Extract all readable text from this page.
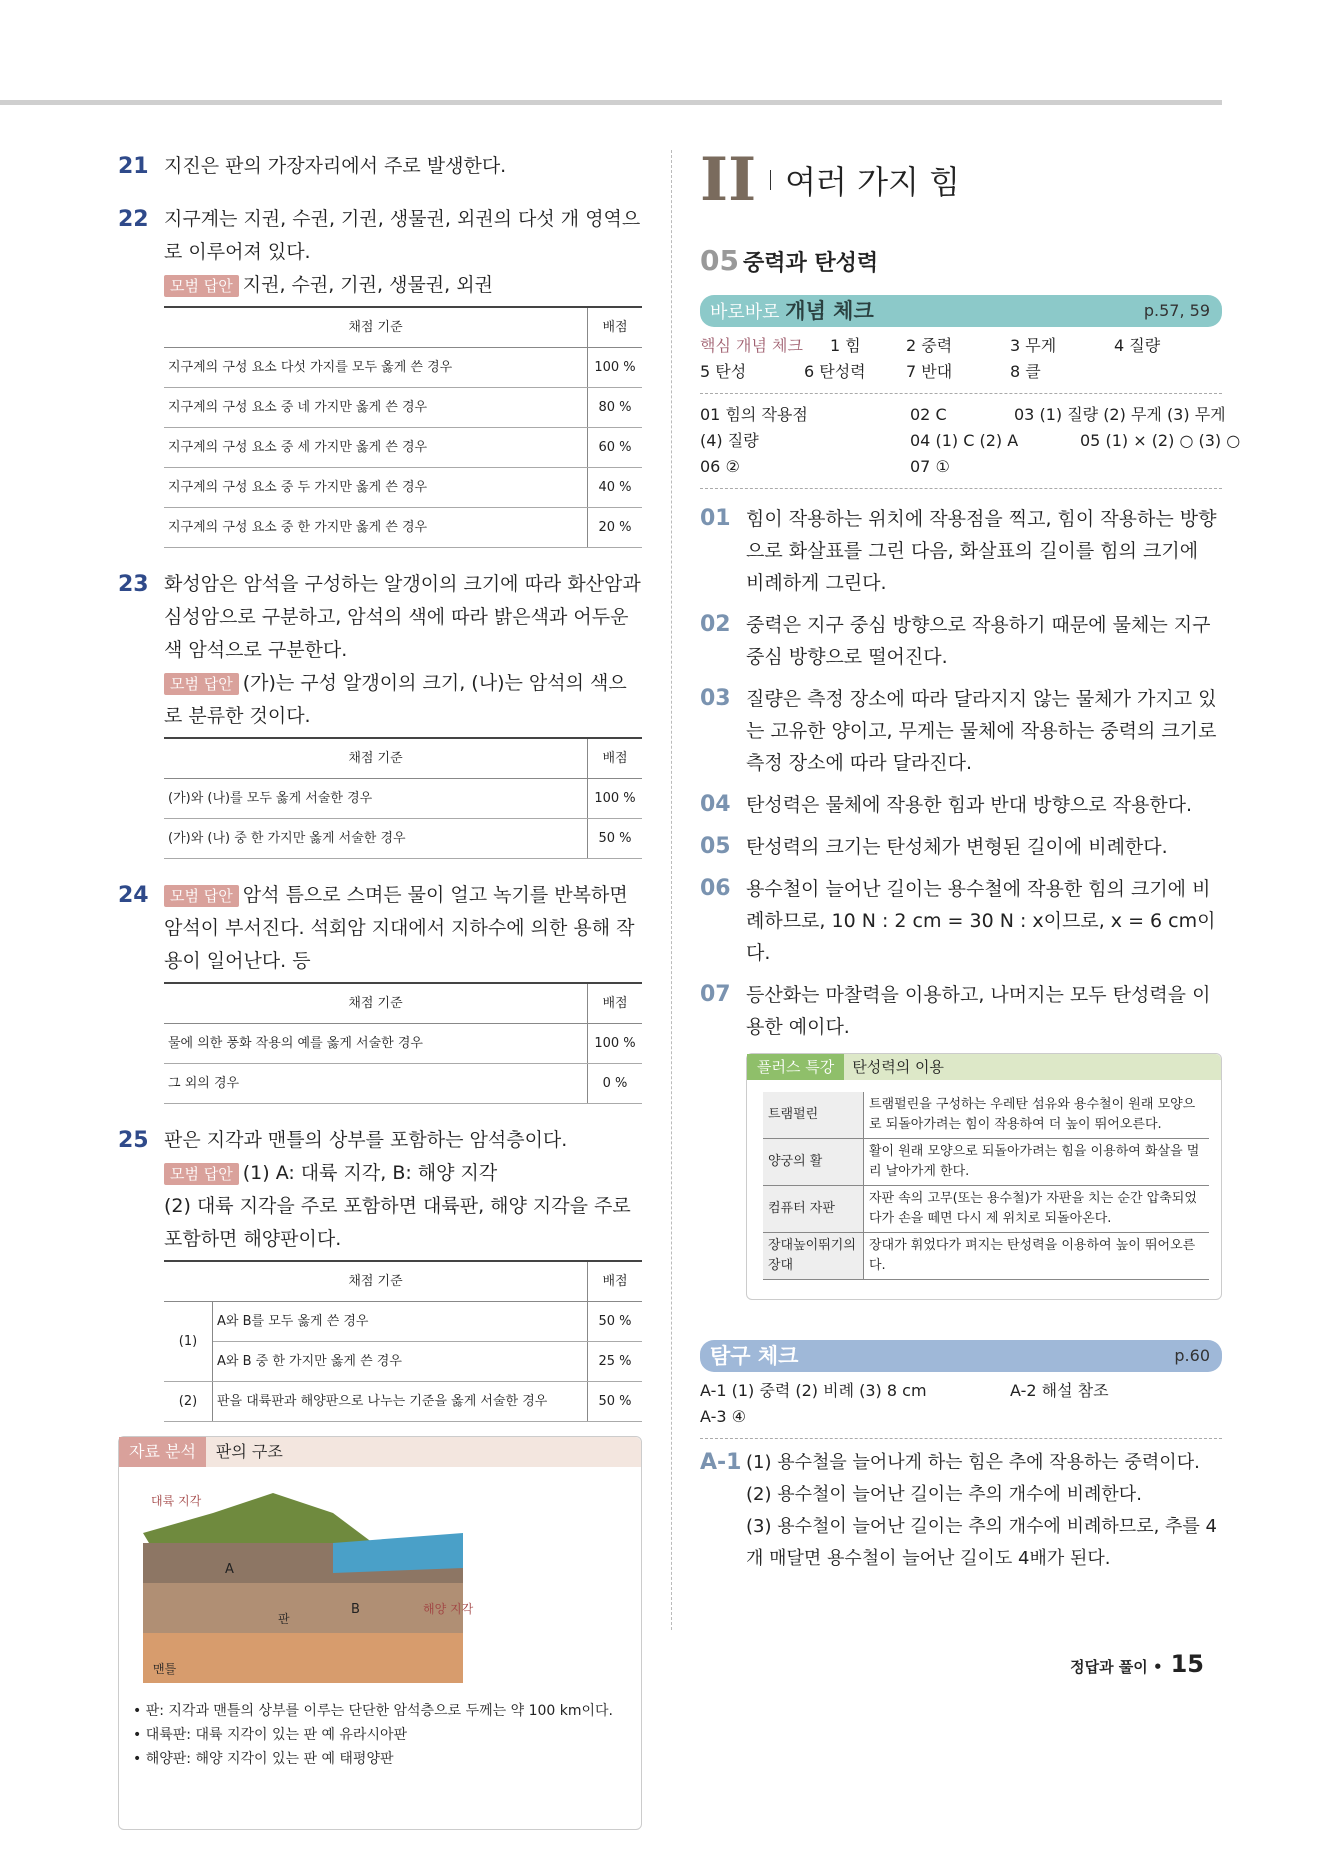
21 지진은 판의 가장자리에서 주로 발생한다.
22 지구계는 지권, 수권, 기권, 생물권, 외권의 다섯 개 영역으로 이루어져 있다.
모범 답안 지권, 수권, 기권, 생물권, 외권
채점 기준	배점
지구계의 구성 요소 다섯 가지를 모두 옳게 쓴 경우	100 %
지구계의 구성 요소 중 네 가지만 옳게 쓴 경우	80 %
지구계의 구성 요소 중 세 가지만 옳게 쓴 경우	60 %
지구계의 구성 요소 중 두 가지만 옳게 쓴 경우	40 %
지구계의 구성 요소 중 한 가지만 옳게 쓴 경우	20 %
23 화성암은 암석을 구성하는 알갱이의 크기에 따라 화산암과 심성암으로 구분하고, 암석의 색에 따라 밝은색과 어두운색 암석으로 구분한다.
모범 답안 (가)는 구성 알갱이의 크기, (나)는 암석의 색으로 분류한 것이다.
채점 기준	배점
(가)와 (나)를 모두 옳게 서술한 경우	100 %
(가)와 (나) 중 한 가지만 옳게 서술한 경우	50 %
24	모범 답안 암석 틈으로 스며든 물이 얼고 녹기를 반복하면 암석이 부서진다. 석회암 지대에서 지하수에 의한 용해 작용이 일어난다. 등
채점 기준	배점
물에 의한 풍화 작용의 예를 옳게 서술한 경우	100 %
그 외의 경우	0 %
25 판은 지각과 맨틀의 상부를 포함하는 암석층이다.
모범 답안 (1) A: 대륙 지각, B: 해양 지각
(2) 대륙 지각을 주로 포함하면 대륙판, 해양 지각을 주로 포함하면 해양판이다.
채점 기준		배점
(1)	A와 B를 모두 옳게 쓴 경우	50 %
	A와 B 중 한 가지만 옳게 쓴 경우	25 %
(2)	판을 대륙판과 해양판으로 나누는 기준을 옳게 서술한 경우	50 %
자료 분석 판의 구조
대륙 지각
A
B	해양 지각
판
맨틀
• 판: 지각과 맨틀의 상부를 이루는 단단한 암석층으로 두께는 약 100 km이다.
• 대륙판: 대륙 지각이 있는 판 예 유라시아판
• 해양판: 해양 지각이 있는 판 예 태평양판
II 여러 가지 힘
05 중력과 탄성력
바로바로 개념 체크	p.57, 59
핵심 개념 체크	1 힘	2 중력	3 무게	4 질량
5 탄성	6 탄성력	7 반대	8 클
01 힘의 작용점	02 C	03 (1) 질량 (2) 무게 (3) 무게
(4) 질량	04 (1) C (2) A	05 (1) × (2) ○ (3) ○
06 ②	07 ①
01 힘이 작용하는 위치에 작용점을 찍고, 힘이 작용하는 방향으로 화살표를 그린 다음, 화살표의 길이를 힘의 크기에 비례하게 그린다.
02 중력은 지구 중심 방향으로 작용하기 때문에 물체는 지구 중심 방향으로 떨어진다.
03 질량은 측정 장소에 따라 달라지지 않는 물체가 가지고 있는 고유한 양이고, 무게는 물체에 작용하는 중력의 크기로 측정 장소에 따라 달라진다.
04 탄성력은 물체에 작용한 힘과 반대 방향으로 작용한다.
05 탄성력의 크기는 탄성체가 변형된 길이에 비례한다.
06 용수철이 늘어난 길이는 용수철에 작용한 힘의 크기에 비례하므로, 10 N : 2 cm = 30 N : x이므로, x = 6 cm이다.
07 등산화는 마찰력을 이용하고, 나머지는 모두 탄성력을 이용한 예이다.
플러스 특강 탄성력의 이용
트램펄린	트램펄린을 구성하는 우레탄 섬유와 용수철이 원래 모양으로 되돌아가려는 힘이 작용하여 더 높이 뛰어오른다.
양궁의 활	활이 원래 모양으로 되돌아가려는 힘을 이용하여 화살을 멀리 날아가게 한다.
컴퓨터 자판	자판 속의 고무(또는 용수철)가 자판을 치는 순간 압축되었다가 손을 떼면 다시 제 위치로 되돌아온다.
장대높이뛰기의 장대	장대가 휘었다가 펴지는 탄성력을 이용하여 높이 뛰어오른다.
탐구 체크	p.60
A-1 (1) 중력 (2) 비례 (3) 8 cm	A-2 해설 참조
A-3 ④
A-1 (1) 용수철을 늘어나게 하는 힘은 추에 작용하는 중력이다.
(2) 용수철이 늘어난 길이는 추의 개수에 비례한다.
(3) 용수철이 늘어난 길이는 추의 개수에 비례하므로, 추를 4개 매달면 용수철이 늘어난 길이도 4배가 된다.
정답과 풀이 • 15
